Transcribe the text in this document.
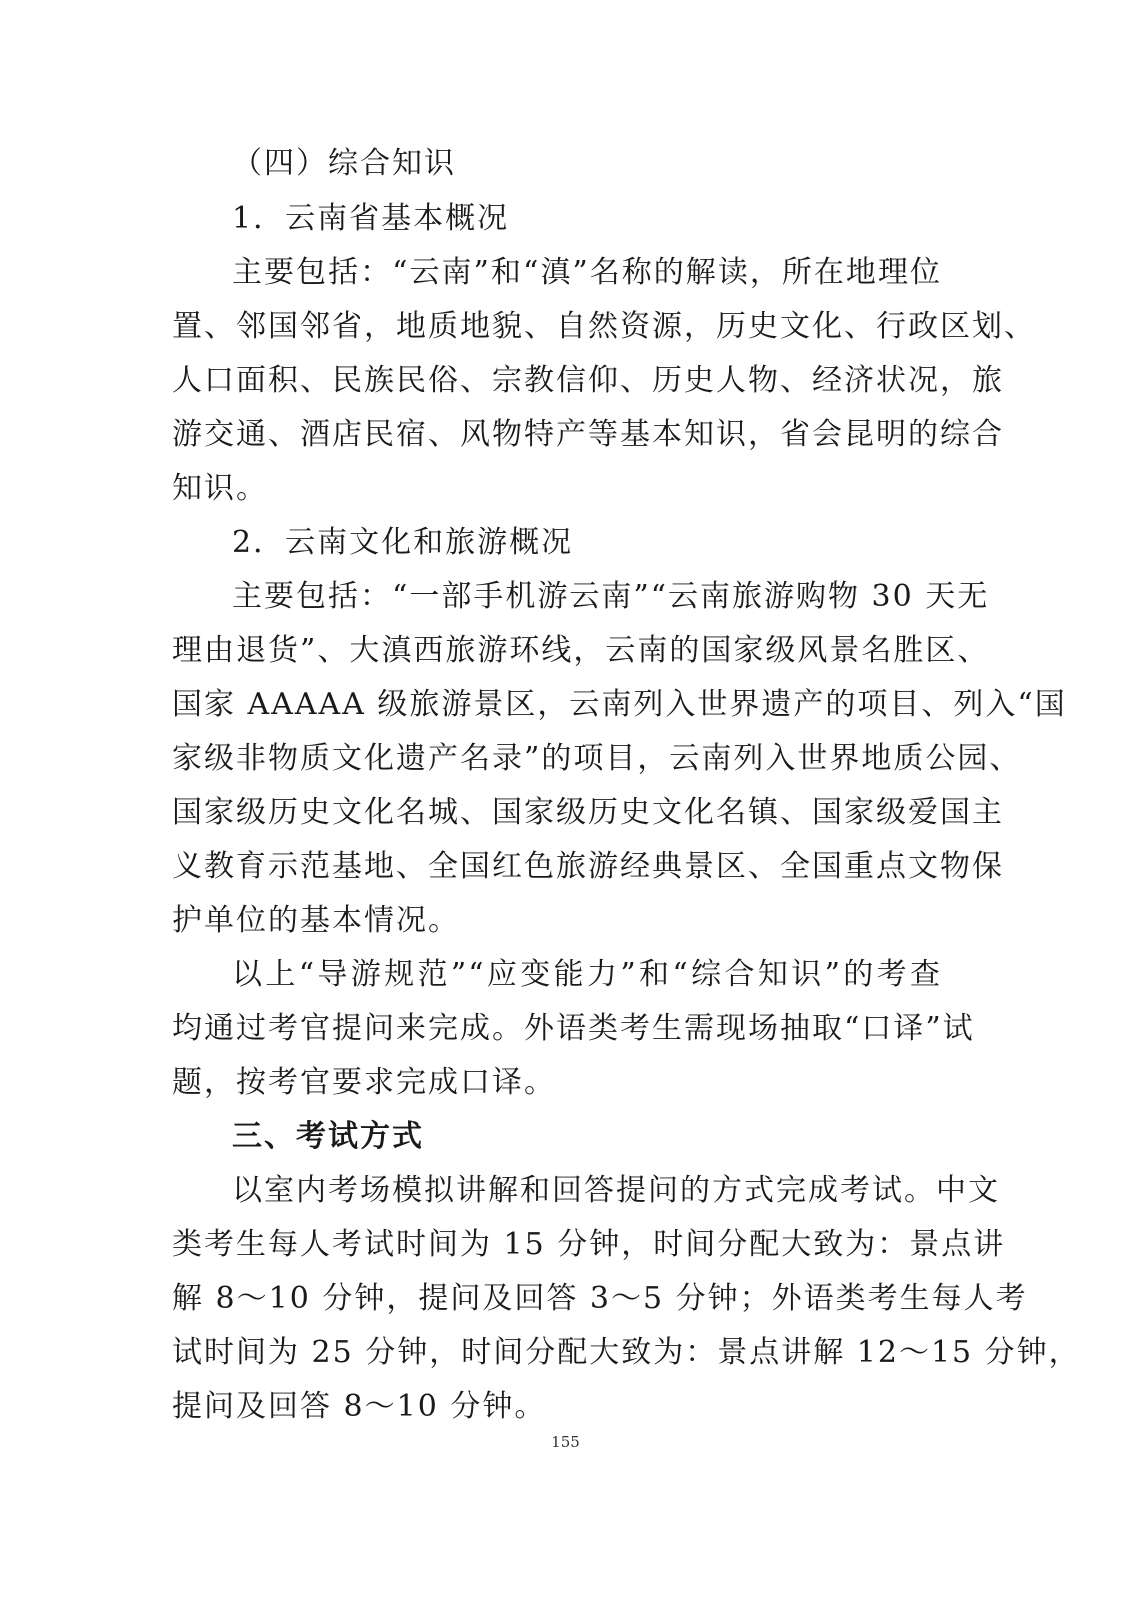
（四）综合知识
1．云南省基本概况
主要包括：“云南”和“滇”名称的解读，所在地理位
置、邻国邻省，地质地貌、自然资源，历史文化、行政区划、
人口面积、民族民俗、宗教信仰、历史人物、经济状况，旅
游交通、酒店民宿、风物特产等基本知识，省会昆明的综合
知识。
2．云南文化和旅游概况
主要包括：“一部手机游云南”“云南旅游购物 30 天无
理由退货”、大滇西旅游环线，云南的国家级风景名胜区、
国家 AAAAA 级旅游景区，云南列入世界遗产的项目、列入“国
家级非物质文化遗产名录”的项目，云南列入世界地质公园、
国家级历史文化名城、国家级历史文化名镇、国家级爱国主
义教育示范基地、全国红色旅游经典景区、全国重点文物保
护单位的基本情况。
以上“导游规范”“应变能力”和“综合知识”的考查
均通过考官提问来完成。外语类考生需现场抽取“口译”试
题，按考官要求完成口译。
三、考试方式
以室内考场模拟讲解和回答提问的方式完成考试。中文
类考生每人考试时间为 15 分钟，时间分配大致为：景点讲
解 8～10 分钟，提问及回答 3～5 分钟；外语类考生每人考
试时间为 25 分钟，时间分配大致为：景点讲解 12～15 分钟，
提问及回答 8～10 分钟。
155
